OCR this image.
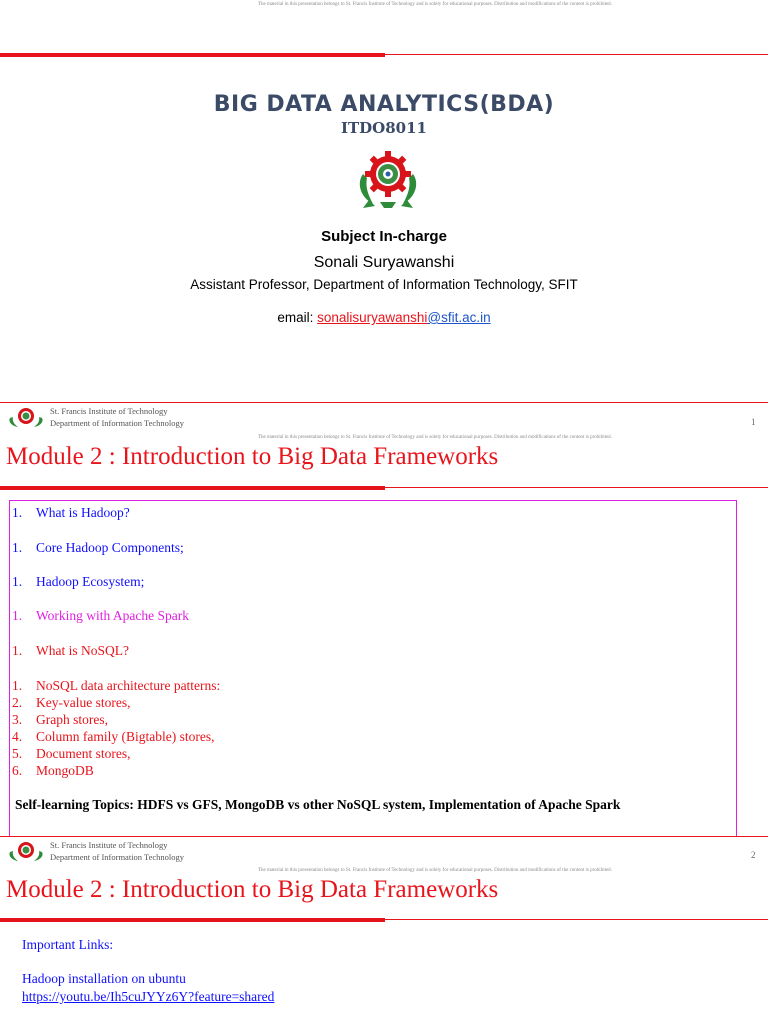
The material in this presentation belongs to St. Francis Institute of Technology and is solely for educational purposes. Distribution and modifications of the content is prohibited.
BIG DATA ANALYTICS(BDA)
ITDO8011
Subject In-charge
Sonali Suryawanshi
Assistant Professor, Department of Information Technology, SFIT
email: sonalisuryawanshi@sfit.ac.in
St. Francis Institute of Technology
Department of Information Technology	1
The material in this presentation belongs to St. Francis Institute of Technology and is solely for educational purposes. Distribution and modifications of the content is prohibited.
Module 2 : Introduction to Big Data Frameworks
1. What is Hadoop?
1. Core Hadoop Components;
1. Hadoop Ecosystem;
1. Working with Apache Spark
1. What is NoSQL?
1. NoSQL data architecture patterns:
2. Key-value stores,
3. Graph stores,
4. Column family (Bigtable) stores,
5. Document stores,
6. MongoDB
Self-learning Topics: HDFS vs GFS, MongoDB vs other NoSQL system, Implementation of Apache Spark
St. Francis Institute of Technology
Department of Information Technology	2
The material in this presentation belongs to St. Francis Institute of Technology and is solely for educational purposes. Distribution and modifications of the content is prohibited.
Module 2 : Introduction to Big Data Frameworks
Important Links:
Hadoop installation on ubuntu
https://youtu.be/Ih5cuJYYz6Y?feature=shared
